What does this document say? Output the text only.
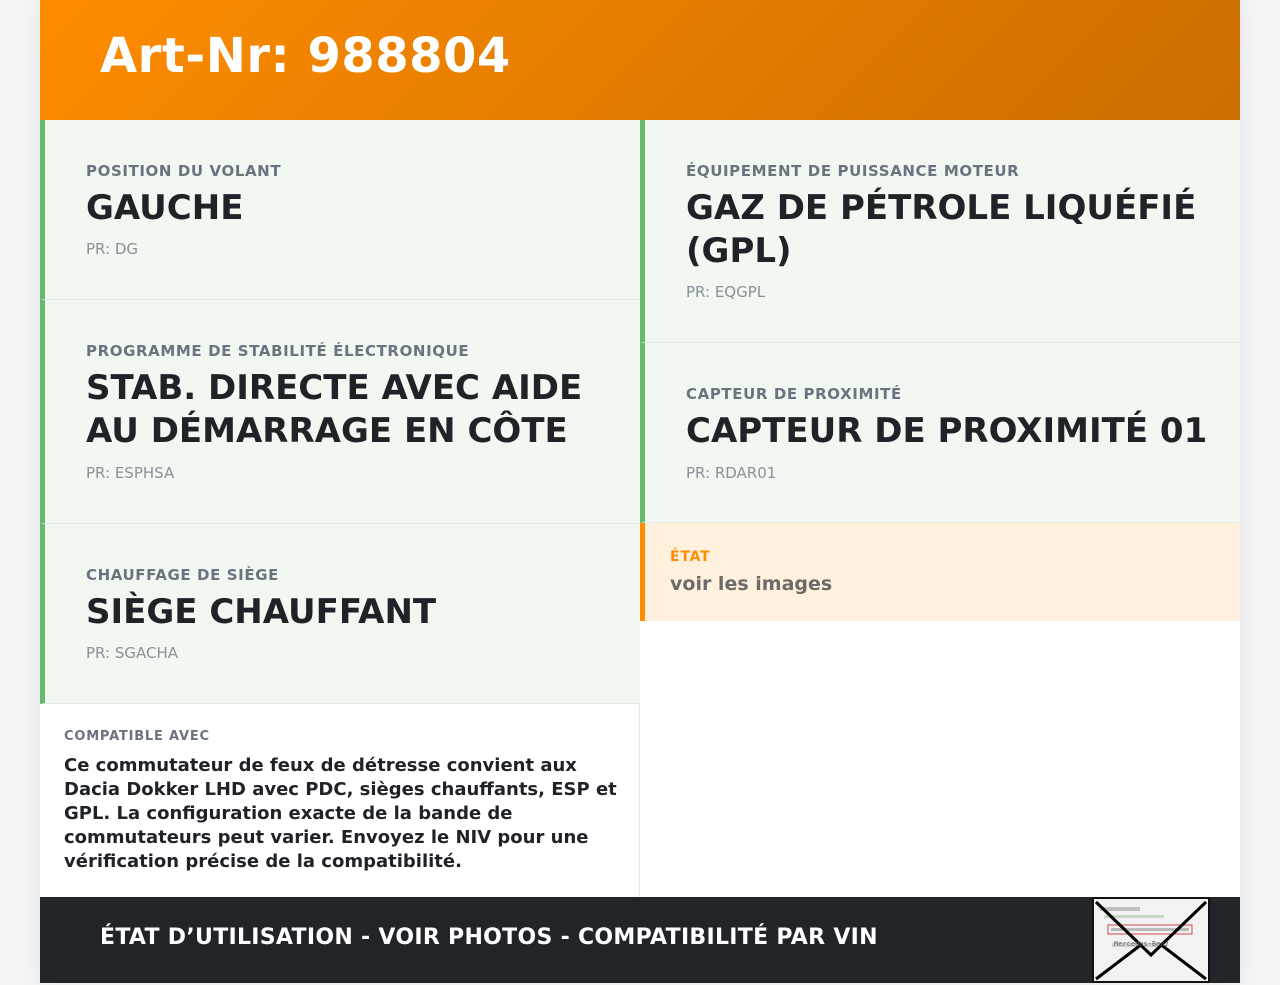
Art-Nr: 988804
POSITION DU VOLANT
GAUCHE
PR: DG
PROGRAMME DE STABILITÉ ÉLECTRONIQUE
STAB. DIRECTE AVEC AIDE AU DÉMARRAGE EN CÔTE
PR: ESPHSA
CHAUFFAGE DE SIÈGE
SIÈGE CHAUFFANT
PR: SGACHA
ÉQUIPEMENT DE PUISSANCE MOTEUR
GAZ DE PÉTROLE LIQUÉFIÉ (GPL)
PR: EQGPL
CAPTEUR DE PROXIMITÉ
CAPTEUR DE PROXIMITÉ 01
PR: RDAR01
ÉTAT
voir les images
COMPATIBLE AVEC
Ce commutateur de feux de détresse convient aux Dacia Dokker LHD avec PDC, sièges chauffants, ESP et GPL. La configuration exacte de la bande de commutateurs peut varier. Envoyez le NIV pour une vérification précise de la compatibilité.
ÉTAT D’UTILISATION - VOIR PHOTOS - COMPATIBILITÉ PAR VIN	Mercedes-Benz
